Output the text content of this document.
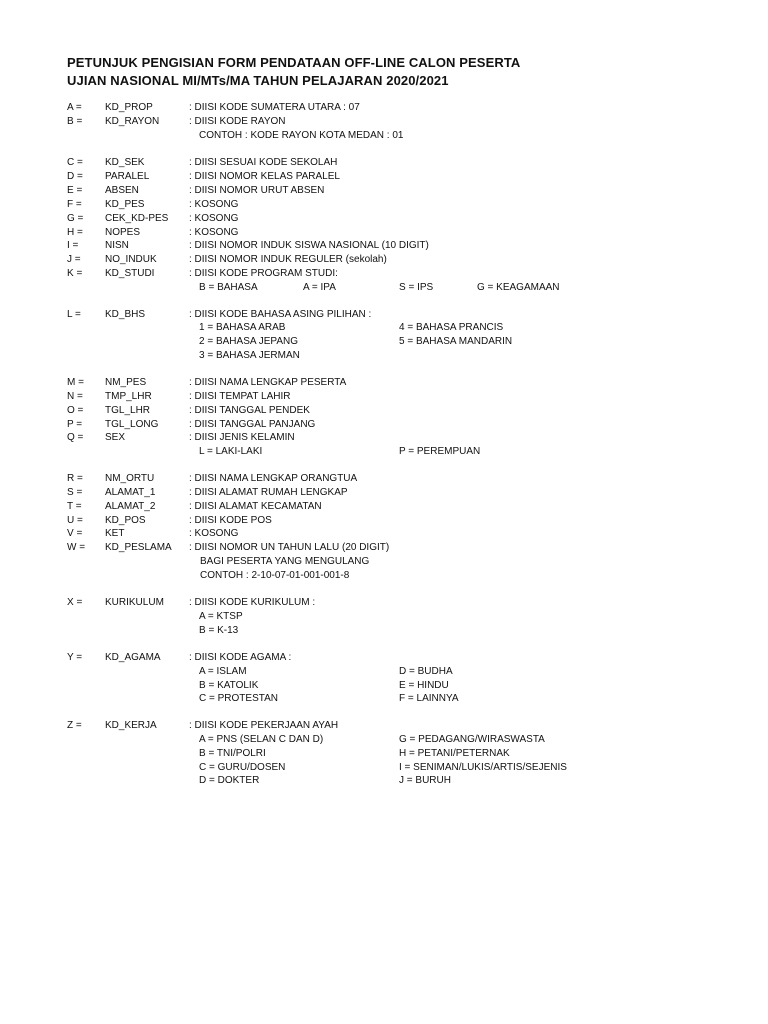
PETUNJUK PENGISIAN FORM PENDATAAN OFF-LINE CALON PESERTA
UJIAN NASIONAL MI/MTs/MA TAHUN PELAJARAN 2020/2021
A = KD_PROP	: DIISI KODE SUMATERA UTARA : 07
B = KD_RAYON	: DIISI KODE RAYON
CONTOH : KODE RAYON KOTA MEDAN : 01
C = KD_SEK	: DIISI SESUAI KODE SEKOLAH
D = PARALEL	: DIISI NOMOR KELAS PARALEL
E = ABSEN	: DIISI NOMOR URUT ABSEN
F = KD_PES	: KOSONG
G = CEK_KD-PES : KOSONG
H = NOPES	: KOSONG
I =	NISN	: DIISI NOMOR INDUK SISWA NASIONAL (10 DIGIT)
J = NO_INDUK	: DIISI NOMOR INDUK REGULER (sekolah)
K = KD_STUDI	: DIISI KODE PROGRAM STUDI:
B = BAHASA	A = IPA	S = IPS	G = KEAGAMAAN
L = KD_BHS	: DIISI KODE BAHASA ASING PILIHAN :
1 = BAHASA ARAB	4 = BAHASA PRANCIS
2 = BAHASA JEPANG	5 = BAHASA MANDARIN
3 = BAHASA JERMAN
M = NM_PES	: DIISI NAMA LENGKAP PESERTA
N = TMP_LHR	: DIISI TEMPAT LAHIR
O = TGL_LHR	: DIISI TANGGAL PENDEK
P = TGL_LONG	: DIISI TANGGAL PANJANG
Q = SEX	: DIISI JENIS KELAMIN
L = LAKI-LAKI	P = PEREMPUAN
R = NM_ORTU	: DIISI NAMA LENGKAP ORANGTUA
S = ALAMAT_1	: DIISI ALAMAT RUMAH LENGKAP
T = ALAMAT_2	: DIISI ALAMAT KECAMATAN
U = KD_POS	: DIISI KODE POS
V = KET	: KOSONG
W = KD_PESLAMA : DIISI NOMOR UN TAHUN LALU (20 DIGIT)
BAGI PESERTA YANG MENGULANG
CONTOH : 2-10-07-01-001-001-8
X = KURIKULUM	: DIISI KODE KURIKULUM :
A = KTSP
B = K-13
Y = KD_AGAMA	: DIISI KODE AGAMA :
A = ISLAM	D = BUDHA
B = KATOLIK	E = HINDU
C = PROTESTAN	F = LAINNYA
Z = KD_KERJA	: DIISI KODE PEKERJAAN AYAH
A = PNS (SELAN C DAN D)	G = PEDAGANG/WIRASWASTA
B = TNI/POLRI	H = PETANI/PETERNAK
C = GURU/DOSEN	I = SENIMAN/LUKIS/ARTIS/SEJENIS
D = DOKTER	J = BURUH
